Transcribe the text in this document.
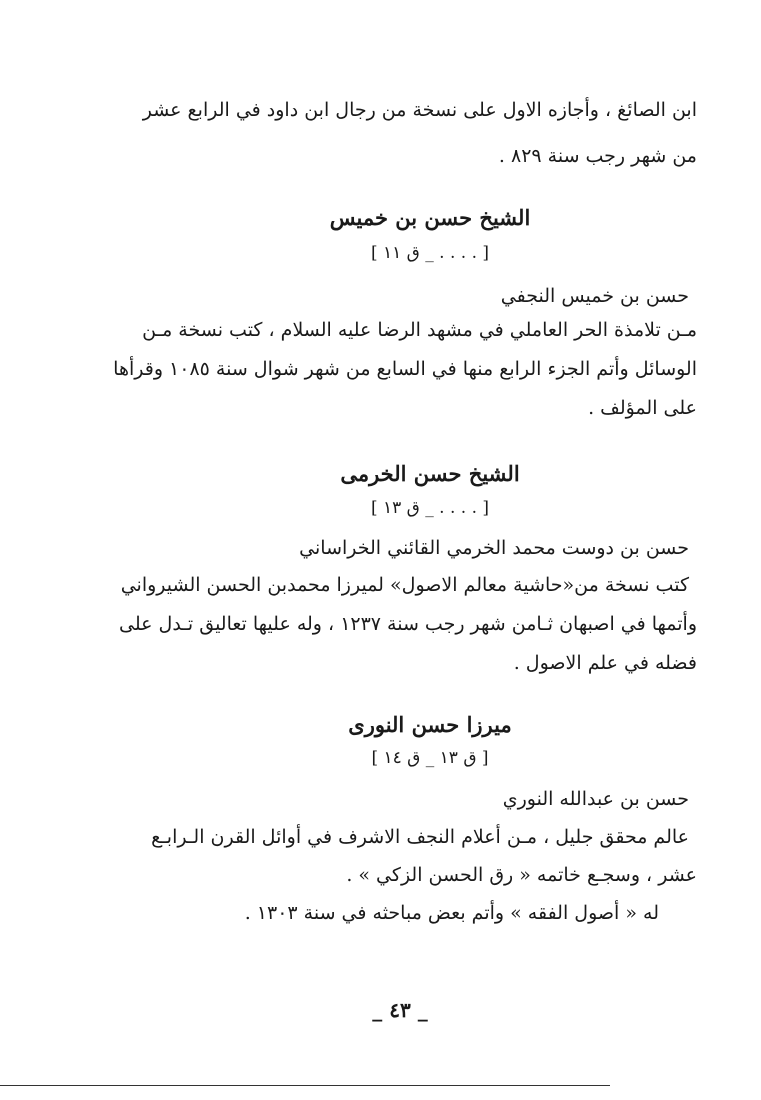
ابن الصائغ ، وأجازه الاول على نسخة من رجال ابن داود في الرابع عشر
من شهر رجب سنة ٨٢٩ .
الشيخ حسن بن خميس
[ . . . . _ ق ١١ ]
حسن بن خميس النجفي
مـن تلامذة الحر العاملي في مشهد الرضا عليه السلام ، كتب نسخة مـن
الوسائل وأتم الجزء الرابع منها في السابع من شهر شوال سنة ١٠٨٥ وقرأها
على المؤلف .
الشيخ حسن الخرمى
[ . . . . _ ق ١٣ ]
حسن بن دوست محمد الخرمي القائني الخراساني
كتب نسخة من«حاشية معالم الاصول» لميرزا محمدبن الحسن الشيرواني
وأتمها في اصبهان ثـامن شهر رجب سنة ١٢٣٧ ، وله عليها تعاليق تـدل على
فضله في علم الاصول .
ميرزا حسن النورى
[ ق ١٣ _ ق ١٤ ]
حسن بن عبدالله النوري
عالم محقق جليل ، مـن أعلام النجف الاشرف في أوائل القرن الـرابـع
عشر ، وسجـع خاتمه « رق الحسن الزكي » .
له « أصول الفقه » وأتم بعض مباحثه في سنة ١٣٠٣ .
_ ٤٣ _
